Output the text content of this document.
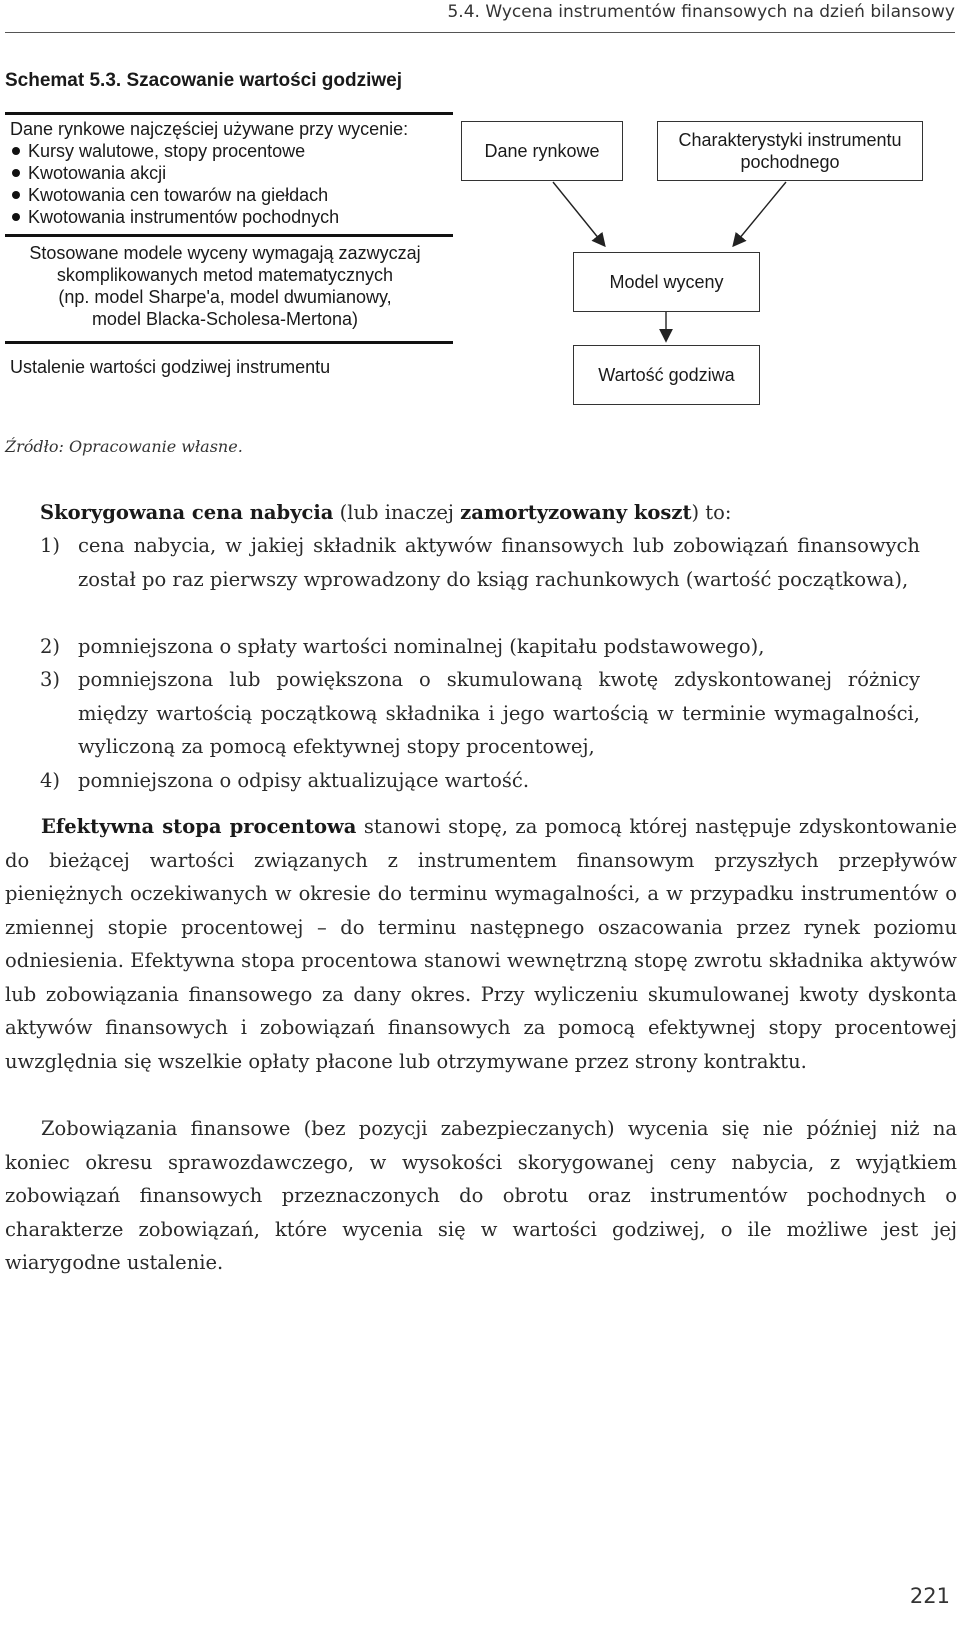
5.4. Wycena instrumentów finansowych na dzień bilansowy
Schemat 5.3. Szacowanie wartości godziwej
Dane rynkowe najczęściej używane przy wycenie:
Kursy walutowe, stopy procentowe
Kwotowania akcji
Kwotowania cen towarów na giełdach
Kwotowania instrumentów pochodnych
Stosowane modele wyceny wymagają zazwyczaj
skomplikowanych metod matematycznych
(np. model Sharpe'a, model dwumianowy,
model Blacka-Scholesa-Mertona)
Ustalenie wartości godziwej instrumentu
Dane rynkowe
Charakterystyki instrumentu
pochodnego
Model wyceny
Wartość godziwa
Źródło: Opracowanie własne.
Skorygowana cena nabycia (lub inaczej zamortyzowany koszt) to:
1) cena nabycia, w jakiej składnik aktywów finansowych lub zobowiązań finansowych został po raz pierwszy wprowadzony do ksiąg rachunkowych (wartość początkowa),
2) pomniejszona o spłaty wartości nominalnej (kapitału podstawowego),
3) pomniejszona lub powiększona o skumulowaną kwotę zdyskontowanej różnicy między wartością początkową składnika i jego wartością w terminie wymagalności, wyliczoną za pomocą efektywnej stopy procentowej,
4) pomniejszona o odpisy aktualizujące wartość.
Efektywna stopa procentowa stanowi stopę, za pomocą której następuje zdyskontowanie do bieżącej wartości związanych z instrumentem finansowym przyszłych przepływów pieniężnych oczekiwanych w okresie do terminu wymagalności, a w przypadku instrumentów o zmiennej stopie procentowej – do terminu następnego oszacowania przez rynek poziomu odniesienia. Efektywna stopa procentowa stanowi wewnętrzną stopę zwrotu składnika aktywów lub zobowiązania finansowego za dany okres. Przy wyliczeniu skumulowanej kwoty dyskonta aktywów finansowych i zobowiązań finansowych za pomocą efektywnej stopy procentowej uwzględnia się wszelkie opłaty płacone lub otrzymywane przez strony kontraktu.
Zobowiązania finansowe (bez pozycji zabezpieczanych) wycenia się nie później niż na koniec okresu sprawozdawczego, w wysokości skorygowanej ceny nabycia, z wyjątkiem zobowiązań finansowych przeznaczonych do obrotu oraz instrumentów pochodnych o charakterze zobowiązań, które wycenia się w wartości godziwej, o ile możliwe jest jej wiarygodne ustalenie.
221
